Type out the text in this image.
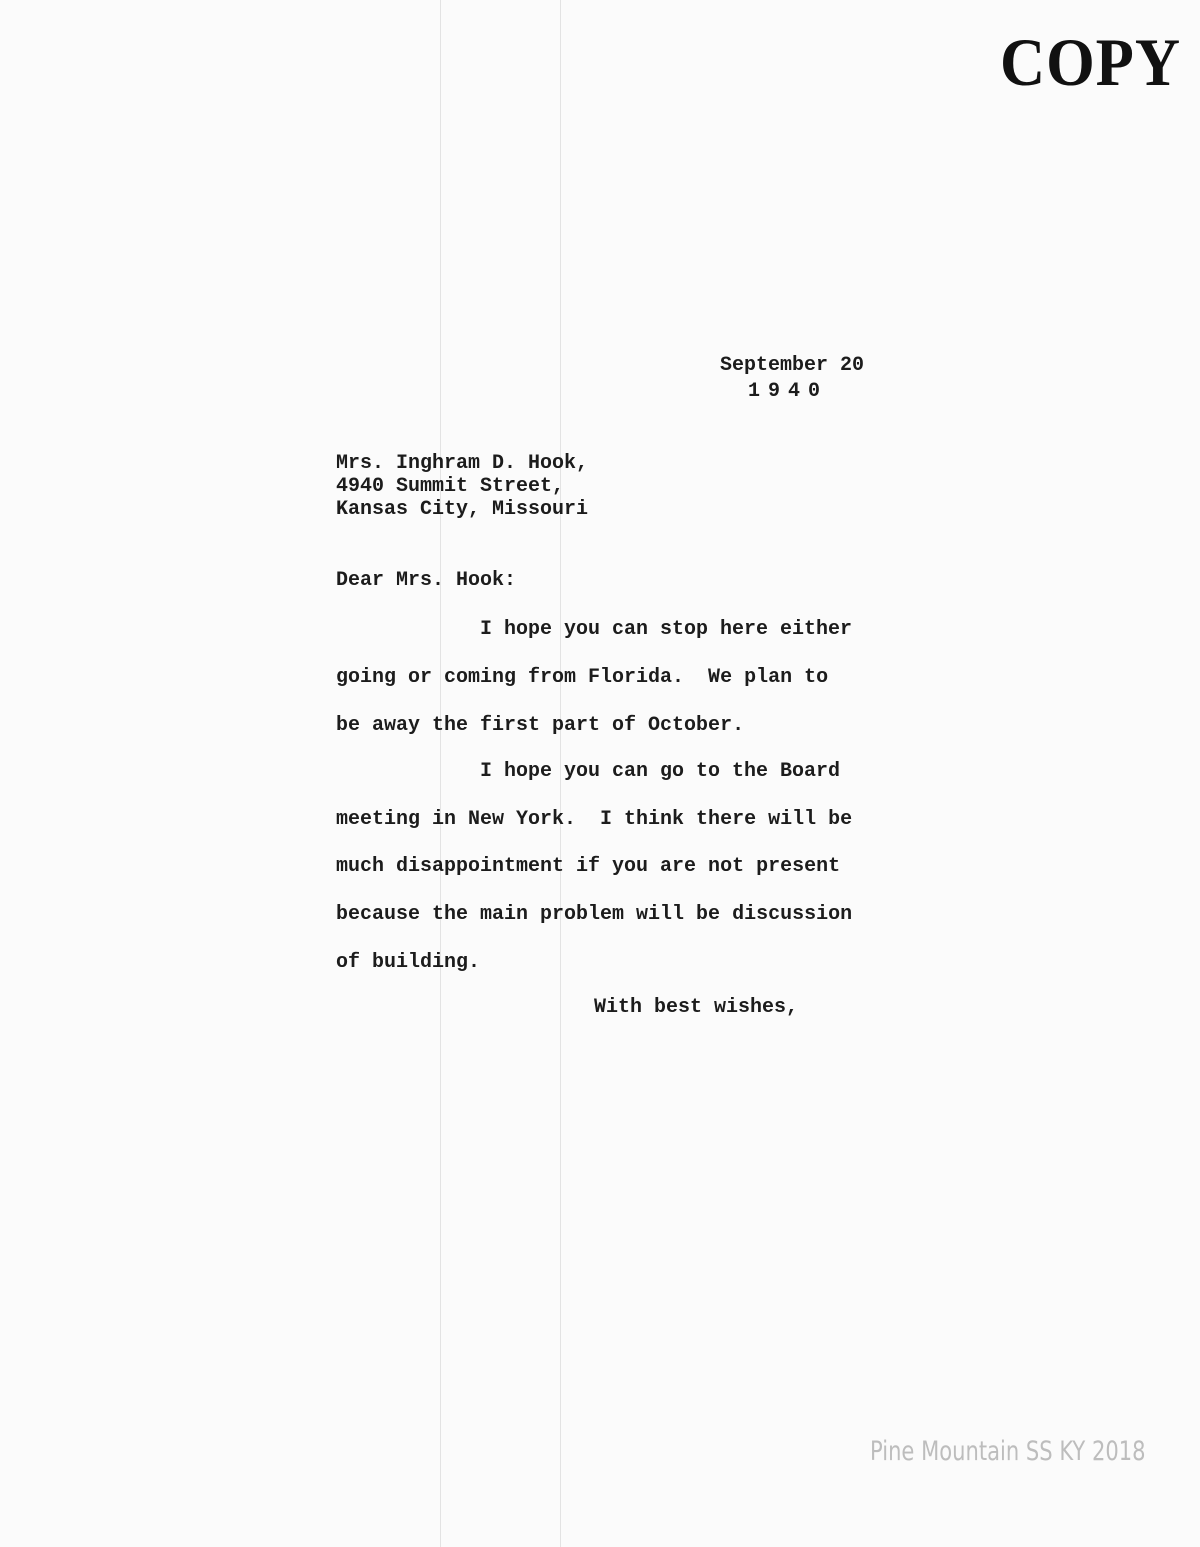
COPY
September 20
1940
Mrs. Inghram D. Hook,
4940 Summit Street,
Kansas City, Missouri
Dear Mrs. Hook:
I hope you can stop here either
going or coming from Florida.  We plan to
be away the first part of October.
I hope you can go to the Board
meeting in New York.  I think there will be
much disappointment if you are not present
because the main problem will be discussion
of building.
With best wishes,
Pine Mountain SS KY 2018
